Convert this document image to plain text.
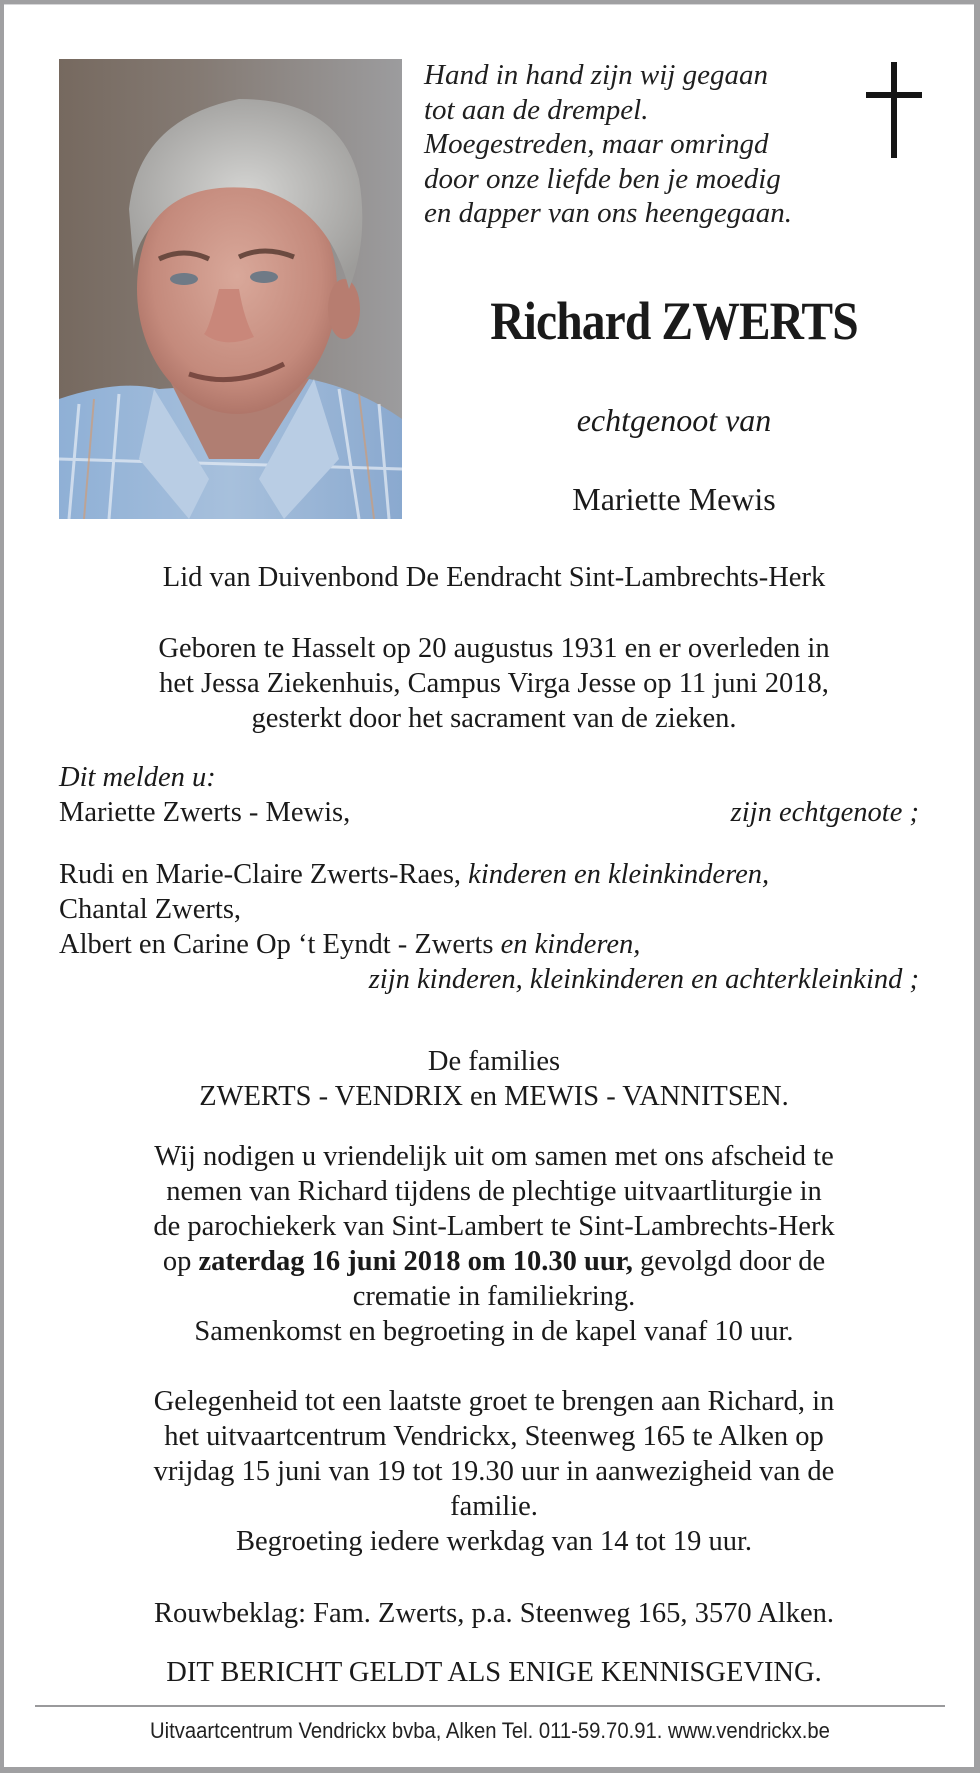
Hand in hand zijn wij gegaan
tot aan de drempel.
Moegestreden, maar omringd
door onze liefde ben je moedig
en dapper van ons heengegaan.
Richard ZWERTS
echtgenoot van
Mariette Mewis
Lid van Duivenbond De Eendracht Sint-Lambrechts-Herk
Geboren te Hasselt op 20 augustus 1931 en er overleden in
het Jessa Ziekenhuis, Campus Virga Jesse op 11 juni 2018,
gesterkt door het sacrament van de zieken.
Dit melden u:
Mariette Zwerts - Mewis,	zijn echtgenote ;
Rudi en Marie-Claire Zwerts-Raes, kinderen en kleinkinderen,
Chantal Zwerts,
Albert en Carine Op ‘t Eyndt - Zwerts en kinderen,
zijn kinderen, kleinkinderen en achterkleinkind ;
De families
ZWERTS - VENDRIX en MEWIS - VANNITSEN.
Wij nodigen u vriendelijk uit om samen met ons afscheid te
nemen van Richard tijdens de plechtige uitvaartliturgie in
de parochiekerk van Sint-Lambert te Sint-Lambrechts-Herk
op zaterdag 16 juni 2018 om 10.30 uur, gevolgd door de
crematie in familiekring.
Samenkomst en begroeting in de kapel vanaf 10 uur.
Gelegenheid tot een laatste groet te brengen aan Richard, in
het uitvaartcentrum Vendrickx, Steenweg 165 te Alken op
vrijdag 15 juni van 19 tot 19.30 uur in aanwezigheid van de
familie.
Begroeting iedere werkdag van 14 tot 19 uur.
Rouwbeklag: Fam. Zwerts, p.a. Steenweg 165, 3570 Alken.
DIT BERICHT GELDT ALS ENIGE KENNISGEVING.
Uitvaartcentrum Vendrickx bvba, Alken Tel. 011-59.70.91. www.vendrickx.be
